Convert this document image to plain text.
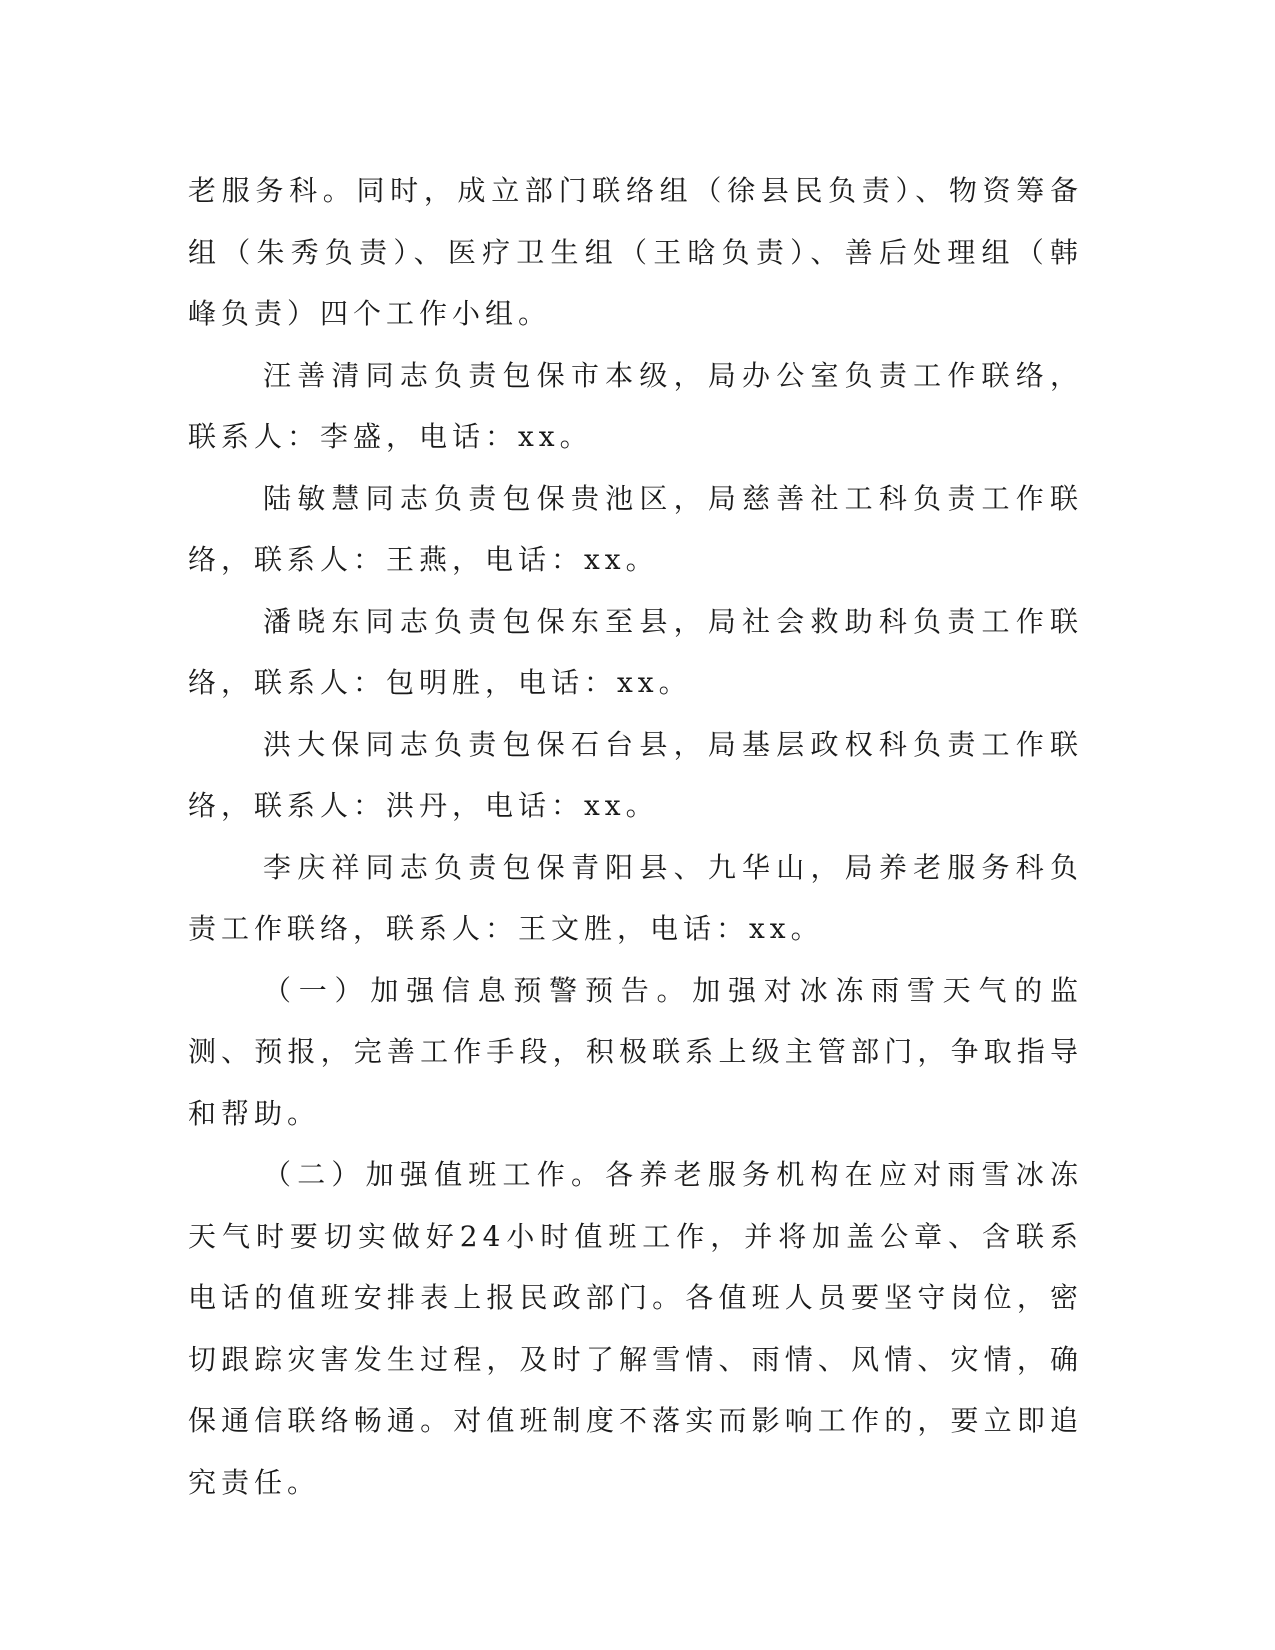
老服务科。同时，成立部门联络组（徐县民负责）、物资筹备组（朱秀负责）、医疗卫生组（王晗负责）、善后处理组（韩峰负责）四个工作小组。

汪善清同志负责包保市本级，局办公室负责工作联络，联系人：李盛，电话：xx。

陆敏慧同志负责包保贵池区，局慈善社工科负责工作联络，联系人：王燕，电话：xx。

潘晓东同志负责包保东至县，局社会救助科负责工作联络，联系人：包明胜，电话：xx。

洪大保同志负责包保石台县，局基层政权科负责工作联络，联系人：洪丹，电话：xx。

李庆祥同志负责包保青阳县、九华山，局养老服务科负责工作联络，联系人：王文胜，电话：xx。

（一）加强信息预警预告。加强对冰冻雨雪天气的监测、预报，完善工作手段，积极联系上级主管部门，争取指导和帮助。

（二）加强值班工作。各养老服务机构在应对雨雪冰冻天气时要切实做好24小时值班工作，并将加盖公章、含联系电话的值班安排表上报民政部门。各值班人员要坚守岗位，密切跟踪灾害发生过程，及时了解雪情、雨情、风情、灾情，确保通信联络畅通。对值班制度不落实而影响工作的，要立即追究责任。
